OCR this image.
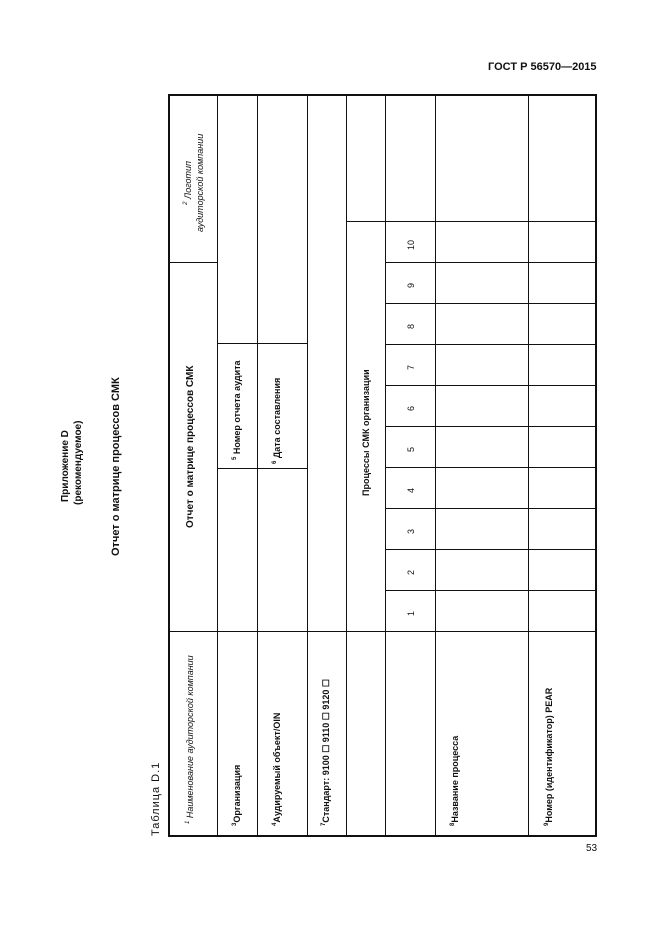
ГОСТ Р 56570—2015
53
Приложение D (рекомендуемое) Отчет о матрице процессов СМК
Таблица D.1	$^1$ Наименование аудиторской компании
$^2$ Логотип аудиторской компании
Отчет о матрице процессов СМК
$^3$Организация
$^5$ Номер отчета аудита
$^4$Аудируемый объект/OIN
$^6$ Дата составления
$^7$Стандарт: 9100 ☐ 9110 ☐ 9120 ☐
Процессы СМК организации
1
2
3
4
5
6
7
8
9
10
$^8$Название процесса
$^9$Номер (идентификатор) PEAR
